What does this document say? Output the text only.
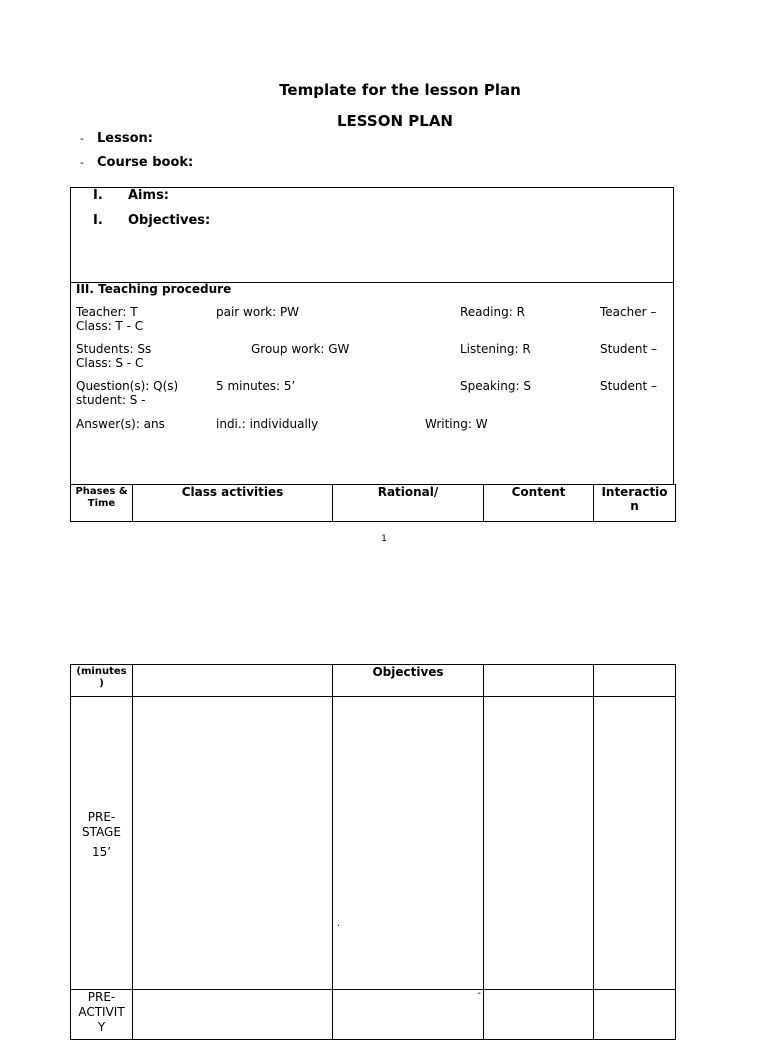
Template for the lesson Plan
LESSON PLAN
- Lesson:
- Course book:
I. Aims:
I. Objectives:
III. Teaching procedure
Teacher: T	pair work: PW	Reading: R	Teacher –
Class: T - C
Students: Ss	Group work: GW	Listening: R	Student –
Class: S - C
Question(s): Q(s)	5 minutes: 5’	Speaking: S	Student –
student: S -
Answer(s): ans	indi.: individually	Writing: W
Phases &
Time
	Class activities	Rational/	Content	Interactio
n
1
(minutes
)		Objectives		

PRE-
STAGE
15’		.		

PRE-
ACTIVIT
Y		-		
